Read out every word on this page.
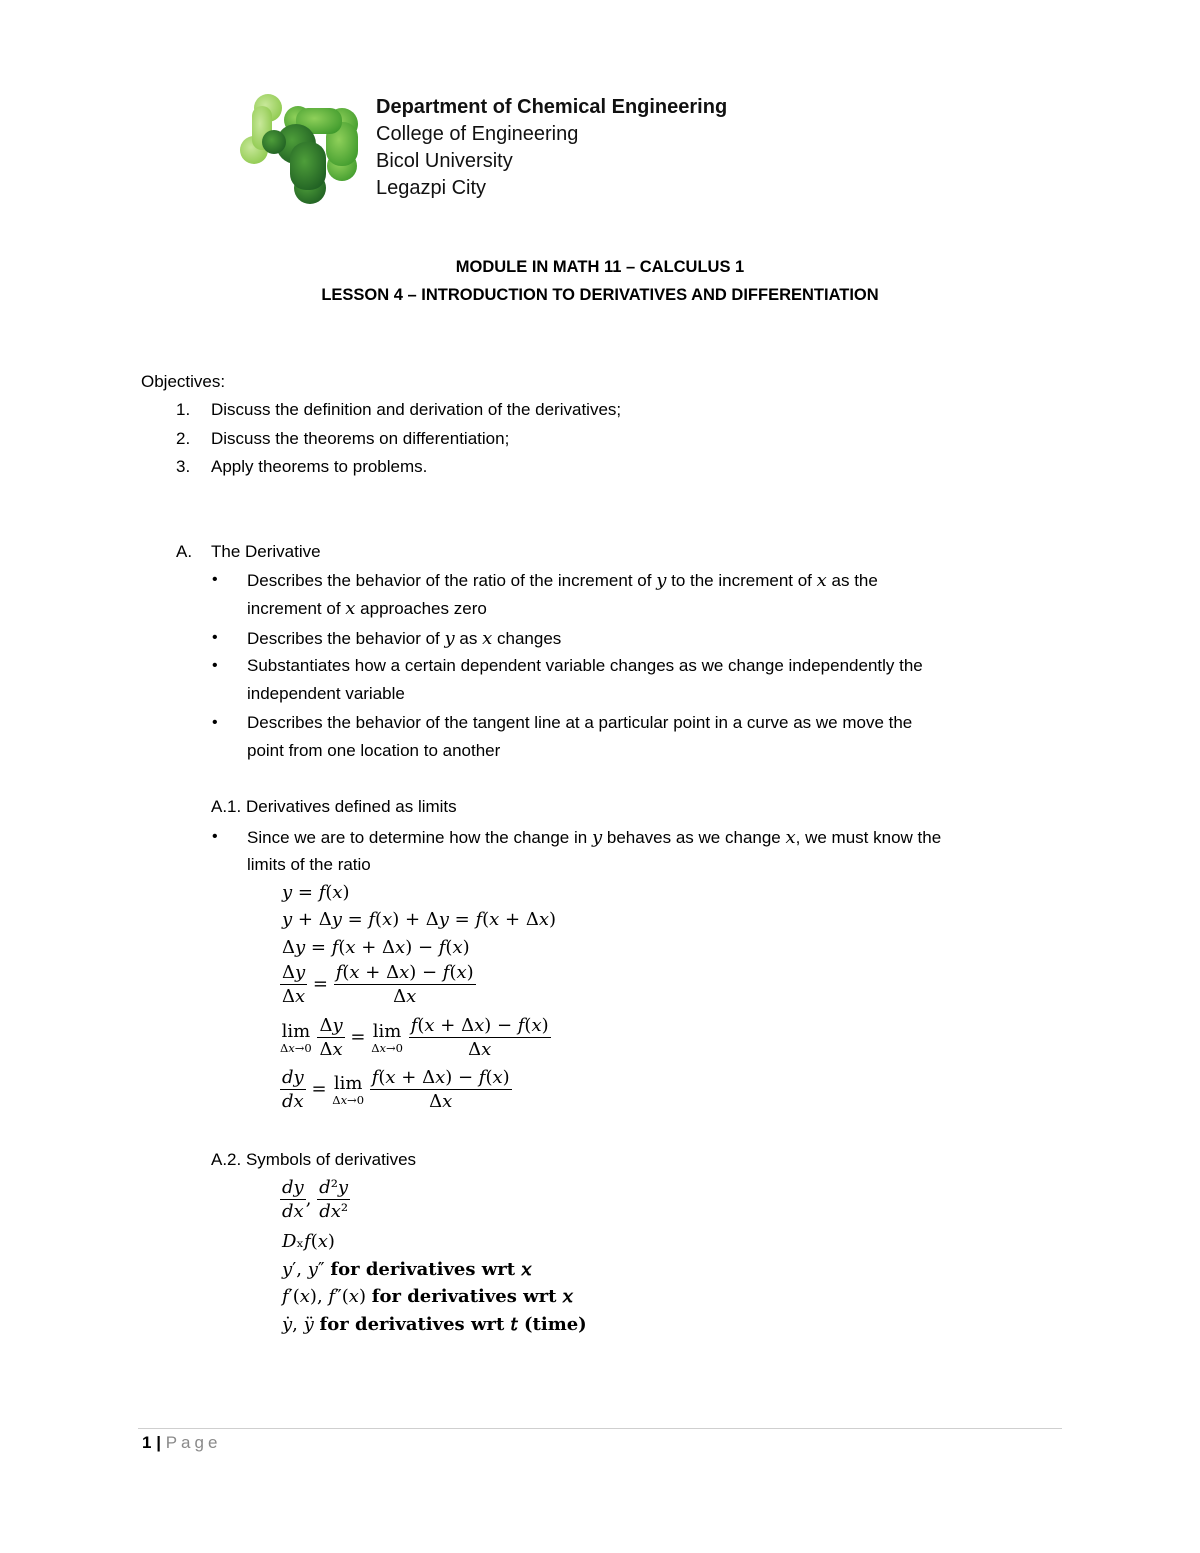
Department of Chemical Engineering
College of Engineering
Bicol University
Legazpi City
MODULE IN MATH 11 – CALCULUS 1
LESSON 4 – INTRODUCTION TO DERIVATIVES AND DIFFERENTIATION
Objectives:
1. Discuss the definition and derivation of the derivatives;
2. Discuss the theorems on differentiation;
3. Apply theorems to problems.
A. The Derivative
• Describes the behavior of the ratio of the increment of 𝑦 to the increment of 𝑥 as the
increment of 𝑥 approaches zero
• Describes the behavior of 𝑦 as 𝑥 changes
• Substantiates how a certain dependent variable changes as we change independently the
independent variable
• Describes the behavior of the tangent line at a particular point in a curve as we move the
point from one location to another
A.1. Derivatives defined as limits
• Since we are to determine how the change in 𝑦 behaves as we change 𝑥, we must know the
limits of the ratio
𝑦 = 𝑓(𝑥)
𝑦 + Δ𝑦 = 𝑓(𝑥) + Δ𝑦 = 𝑓(𝑥 + Δ𝑥)
Δ𝑦 = 𝑓(𝑥 + Δ𝑥) − 𝑓(𝑥)
$\frac{\text{Δ𝑦}}{\text{Δ𝑥}} = \frac{\text{𝑓(𝑥 + Δ𝑥) − 𝑓(𝑥)}}{\text{Δ𝑥}}$
lim
Δ𝑥→0
$\frac{\text{Δ𝑦}}{\text{Δ𝑥}} = \lim$
Δ𝑥→0
$\frac{\text{𝑓(𝑥 + Δ𝑥) − 𝑓(𝑥)}}{\text{Δ𝑥}}$
$\frac{\text{𝑑𝑦}}{\text{𝑑𝑥}} = \lim$
Δ𝑥→0
$\frac{\text{𝑓(𝑥 + Δ𝑥) − 𝑓(𝑥)}}{\text{Δ𝑥}}$
A.2. Symbols of derivatives
$\frac{\text{𝑑𝑦}}{\text{𝑑𝑥}}$ , $\frac{\text{𝑑²𝑦}}{\text{𝑑𝑥²}}$
𝐷ₓ𝑓(𝑥)
𝑦′, 𝑦″ for derivatives wrt 𝑥
𝑓′(𝑥), 𝑓″(𝑥) for derivatives wrt 𝑥
𝑦̇, 𝑦̈ for derivatives wrt 𝑡 (time)
1 | Page
